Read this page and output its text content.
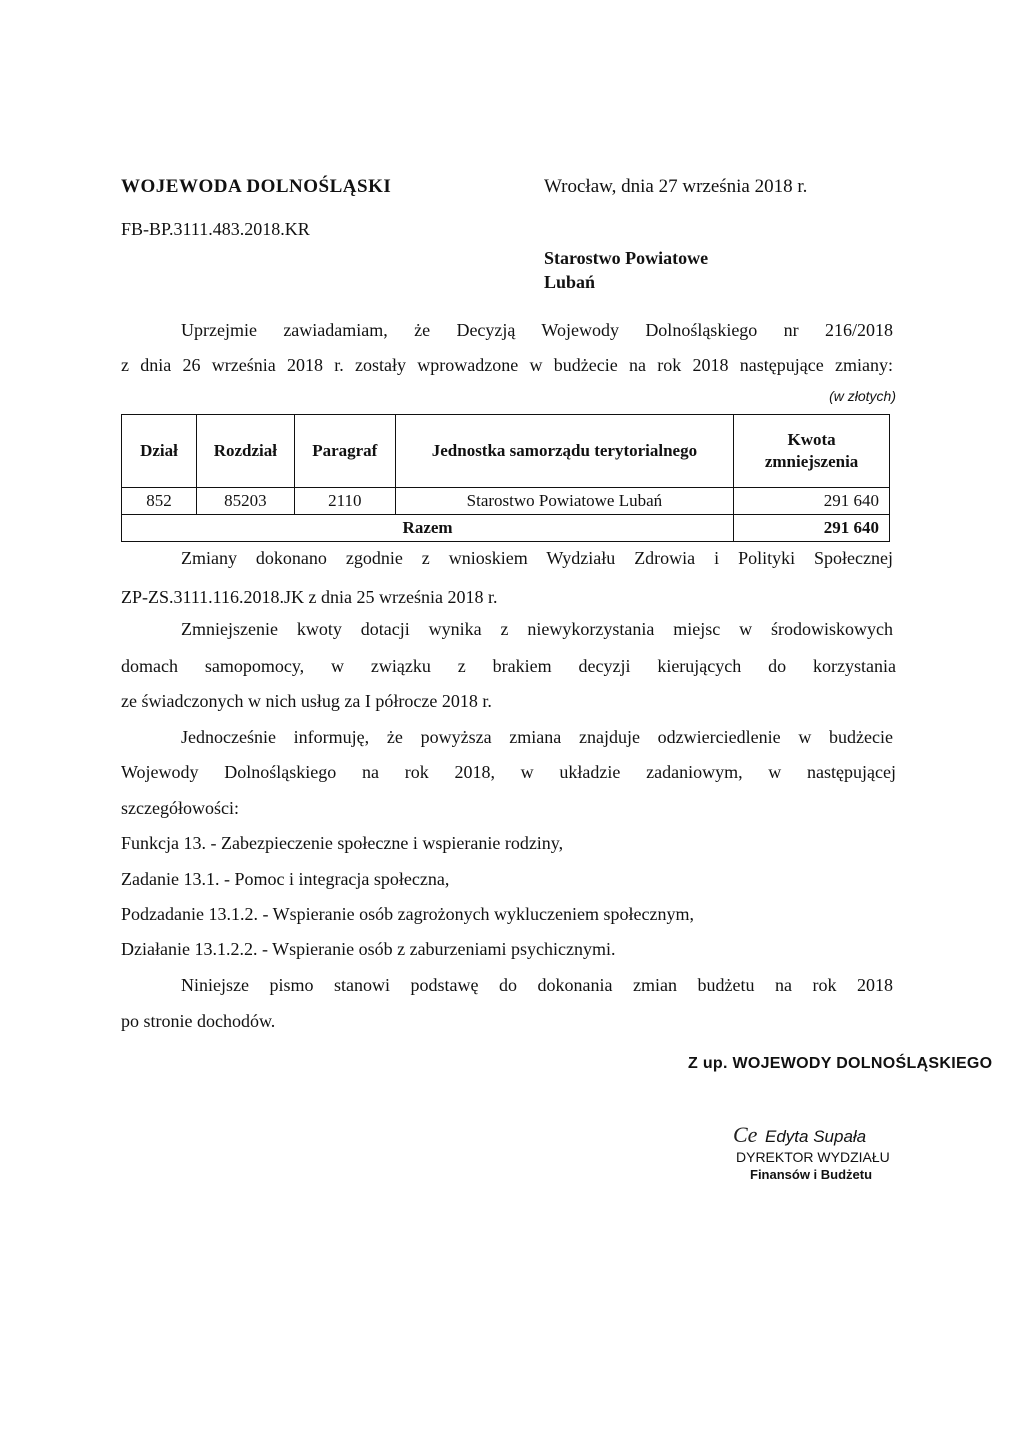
WOJEWODA DOLNOŚLĄSKI	Wrocław, dnia 27 września 2018 r.
FB-BP.3111.483.2018.KR
Starostwo Powiatowe
Lubań
Uprzejmie zawiadamiam, że Decyzją Wojewody Dolnośląskiego nr 216/2018
z dnia 26 września 2018 r. zostały wprowadzone w budżecie na rok 2018 następujące zmiany:
(w złotych)
Dział	Rozdział	Paragraf	Jednostka samorządu terytorialnego	Kwota
zmniejszenia
852	85203	2110	Starostwo Powiatowe Lubań	291 640
Razem				291 640
Zmiany dokonano zgodnie z wnioskiem Wydziału Zdrowia i Polityki Społecznej
ZP-ZS.3111.116.2018.JK z dnia 25 września 2018 r.
Zmniejszenie kwoty dotacji wynika z niewykorzystania miejsc w środowiskowych
domach samopomocy, w związku z brakiem decyzji kierujących do korzystania
ze świadczonych w nich usług za I półrocze 2018 r.
Jednocześnie informuję, że powyższa zmiana znajduje odzwierciedlenie w budżecie
Wojewody Dolnośląskiego na rok 2018, w układzie zadaniowym, w następującej
szczegółowości:
Funkcja 13. - Zabezpieczenie społeczne i wspieranie rodziny,
Zadanie 13.1. - Pomoc i integracja społeczna,
Podzadanie 13.1.2. - Wspieranie osób zagrożonych wykluczeniem społecznym,
Działanie 13.1.2.2. - Wspieranie osób z zaburzeniami psychicznymi.
Niniejsze pismo stanowi podstawę do dokonania zmian budżetu na rok 2018
po stronie dochodów.
Z up. WOJEWODY DOLNOŚLĄSKIEGO
Ce Edyta Supała
DYREKTOR WYDZIAŁU
Finansów i Budżetu
